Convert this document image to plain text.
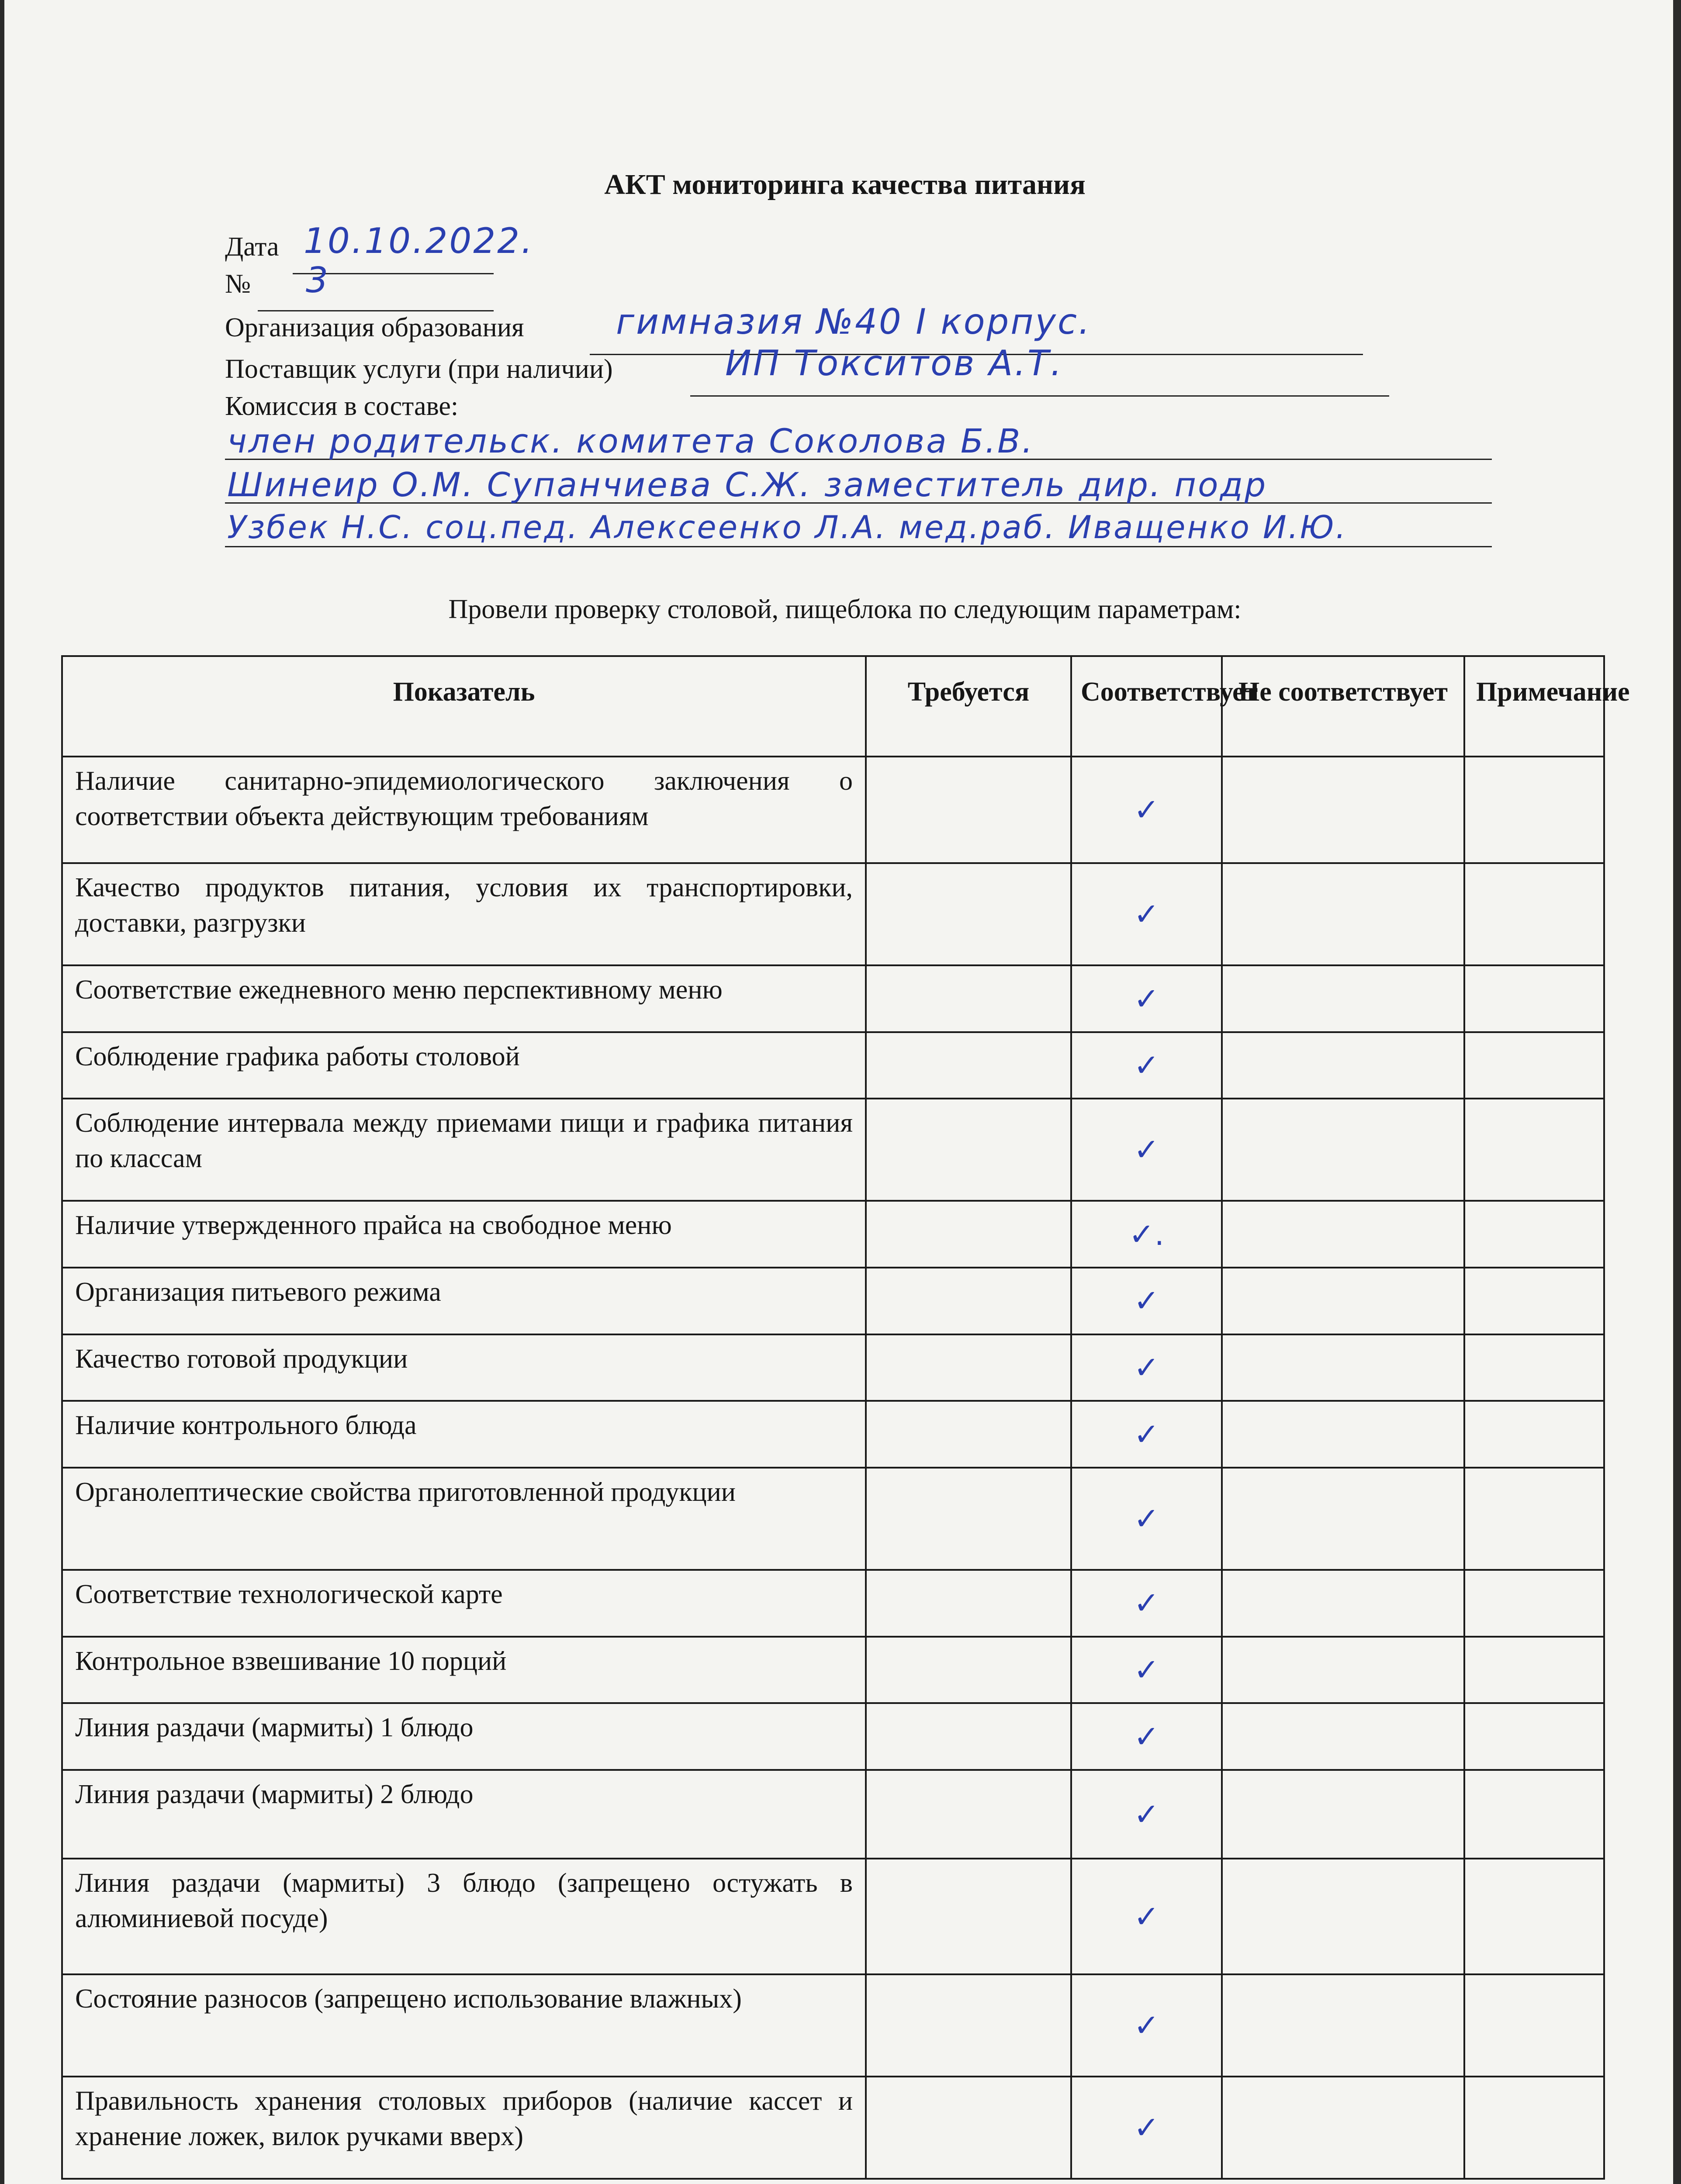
АКТ мониторинга качества питания
Дата 10.10.2022.
№ 3
Организация образования	гимназия №40 I корпус.
Поставщик услуги (при наличии)	ИП Токситов А.Т.
Комиссия в составе:
член родительск. комитета Соколова Б.В.
Шинеир О.М. Супанчиева С.Ж. заместитель дир. подр
Узбек Н.С. соц.пед. Алексеенко Л.А. мед.раб. Иващенко И.Ю.
Провели проверку столовой, пищеблока по следующим параметрам:
Показатель	Требуется	Соответствует	Не соответствует	Примечание
Наличие санитарно-эпидемиологического заключения о соответствии объекта действующим требованиям		✓		
Качество продуктов питания, условия их транспортировки, доставки, разгрузки		✓		
Соответствие ежедневного меню перспективному меню		✓		
Соблюдение графика работы столовой		✓		
Соблюдение интервала между приемами пищи и графика питания по классам		✓		
Наличие утвержденного прайса на свободное меню		✓.		
Организация питьевого режима		✓		
Качество готовой продукции		✓		
Наличие контрольного блюда		✓		
Органолептические свойства приготовленной продукции		✓		
Соответствие технологической карте		✓		
Контрольное взвешивание 10 порций		✓		
Линия раздачи (мармиты) 1 блюдо		✓		
Линия раздачи (мармиты) 2 блюдо		✓		
Линия раздачи (мармиты) 3 блюдо (запрещено остужать в алюминиевой посуде)		✓		
Состояние разносов (запрещено использование влажных)		✓		
Правильность хранения столовых приборов (наличие кассет и хранение ложек, вилок ручками вверх)		✓		
